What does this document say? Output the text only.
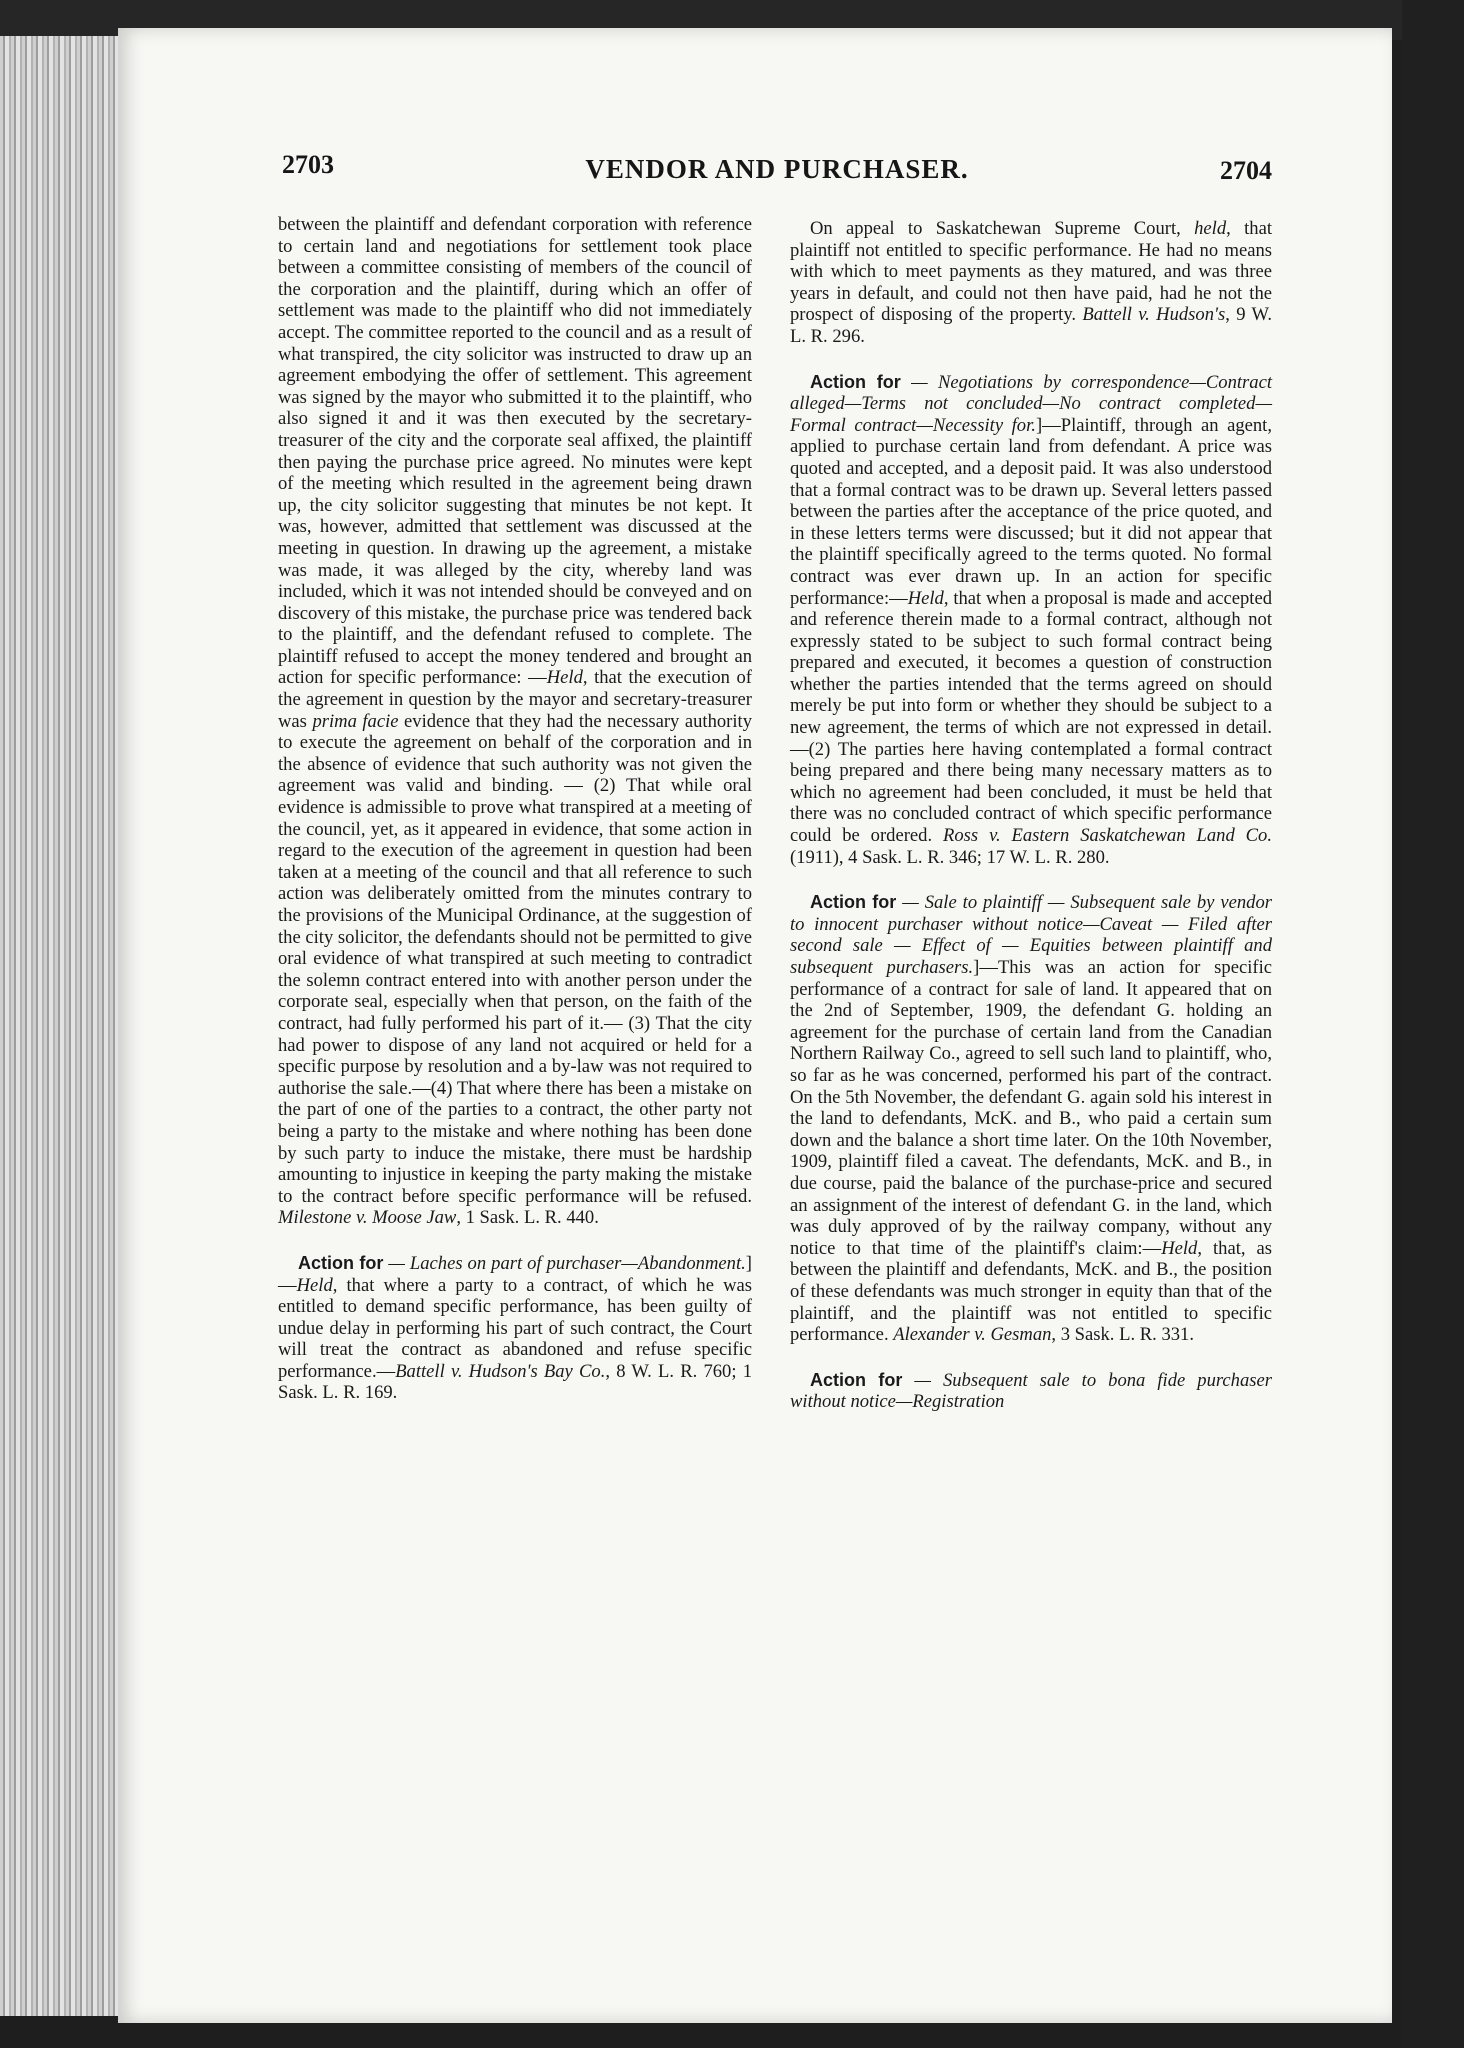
2703	VENDOR AND PURCHASER.	2704

between the plaintiff and defendant corporation with reference to certain land and negotiations for settlement took place between a committee consisting of members of the council of the corporation and the plaintiff, during which an offer of settlement was made to the plaintiff who did not immediately accept. The committee reported to the council and as a result of what transpired, the city solicitor was instructed to draw up an agreement embodying the offer of settlement. This agreement was signed by the mayor who submitted it to the plaintiff, who also signed it and it was then executed by the secretary-treasurer of the city and the corporate seal affixed, the plaintiff then paying the purchase price agreed. No minutes were kept of the meeting which resulted in the agreement being drawn up, the city solicitor suggesting that minutes be not kept. It was, however, admitted that settlement was discussed at the meeting in question. In drawing up the agreement, a mistake was made, it was alleged by the city, whereby land was included, which it was not intended should be conveyed and on discovery of this mistake, the purchase price was tendered back to the plaintiff, and the defendant refused to complete. The plaintiff refused to accept the money tendered and brought an action for specific performance: —Held, that the execution of the agreement in question by the mayor and secretary-treasurer was prima facie evidence that they had the necessary authority to execute the agreement on behalf of the corporation and in the absence of evidence that such authority was not given the agreement was valid and binding. — (2) That while oral evidence is admissible to prove what transpired at a meeting of the council, yet, as it appeared in evidence, that some action in regard to the execution of the agreement in question had been taken at a meeting of the council and that all reference to such action was deliberately omitted from the minutes contrary to the provisions of the Municipal Ordinance, at the suggestion of the city solicitor, the defendants should not be permitted to give oral evidence of what transpired at such meeting to contradict the solemn contract entered into with another person under the corporate seal, especially when that person, on the faith of the contract, had fully performed his part of it.— (3) That the city had power to dispose of any land not acquired or held for a specific purpose by resolution and a by-law was not required to authorise the sale.—(4) That where there has been a mistake on the part of one of the parties to a contract, the other party not being a party to the mistake and where nothing has been done by such party to induce the mistake, there must be hardship amounting to injustice in keeping the party making the mistake to the contract before specific performance will be refused. Milestone v. Moose Jaw, 1 Sask. L. R. 440.

Action for — Laches on part of purchaser—Abandonment.]—Held, that where a party to a contract, of which he was entitled to demand specific performance, has been guilty of undue delay in performing his part of such contract, the Court will treat the contract as abandoned and refuse specific performance.—Battell v. Hudson's Bay Co., 8 W. L. R. 760; 1 Sask. L. R. 169.

On appeal to Saskatchewan Supreme Court, held, that plaintiff not entitled to specific performance. He had no means with which to meet payments as they matured, and was three years in default, and could not then have paid, had he not the prospect of disposing of the property. Battell v. Hudson's, 9 W. L. R. 296.

Action for — Negotiations by correspondence—Contract alleged—Terms not concluded—No contract completed—Formal contract—Necessity for.]—Plaintiff, through an agent, applied to purchase certain land from defendant. A price was quoted and accepted, and a deposit paid. It was also understood that a formal contract was to be drawn up. Several letters passed between the parties after the acceptance of the price quoted, and in these letters terms were discussed; but it did not appear that the plaintiff specifically agreed to the terms quoted. No formal contract was ever drawn up. In an action for specific performance:—Held, that when a proposal is made and accepted and reference therein made to a formal contract, although not expressly stated to be subject to such formal contract being prepared and executed, it becomes a question of construction whether the parties intended that the terms agreed on should merely be put into form or whether they should be subject to a new agreement, the terms of which are not expressed in detail. —(2) The parties here having contemplated a formal contract being prepared and there being many necessary matters as to which no agreement had been concluded, it must be held that there was no concluded contract of which specific performance could be ordered. Ross v. Eastern Saskatchewan Land Co. (1911), 4 Sask. L. R. 346; 17 W. L. R. 280.

Action for — Sale to plaintiff — Subsequent sale by vendor to innocent purchaser without notice—Caveat — Filed after second sale — Effect of — Equities between plaintiff and subsequent purchasers.]—This was an action for specific performance of a contract for sale of land. It appeared that on the 2nd of September, 1909, the defendant G. holding an agreement for the purchase of certain land from the Canadian Northern Railway Co., agreed to sell such land to plaintiff, who, so far as he was concerned, performed his part of the contract. On the 5th November, the defendant G. again sold his interest in the land to defendants, McK. and B., who paid a certain sum down and the balance a short time later. On the 10th November, 1909, plaintiff filed a caveat. The defendants, McK. and B., in due course, paid the balance of the purchase-price and secured an assignment of the interest of defendant G. in the land, which was duly approved of by the railway company, without any notice to that time of the plaintiff's claim:—Held, that, as between the plaintiff and defendants, McK. and B., the position of these defendants was much stronger in equity than that of the plaintiff, and the plaintiff was not entitled to specific performance. Alexander v. Gesman, 3 Sask. L. R. 331.

Action for — Subsequent sale to bona fide purchaser without notice—Registration
